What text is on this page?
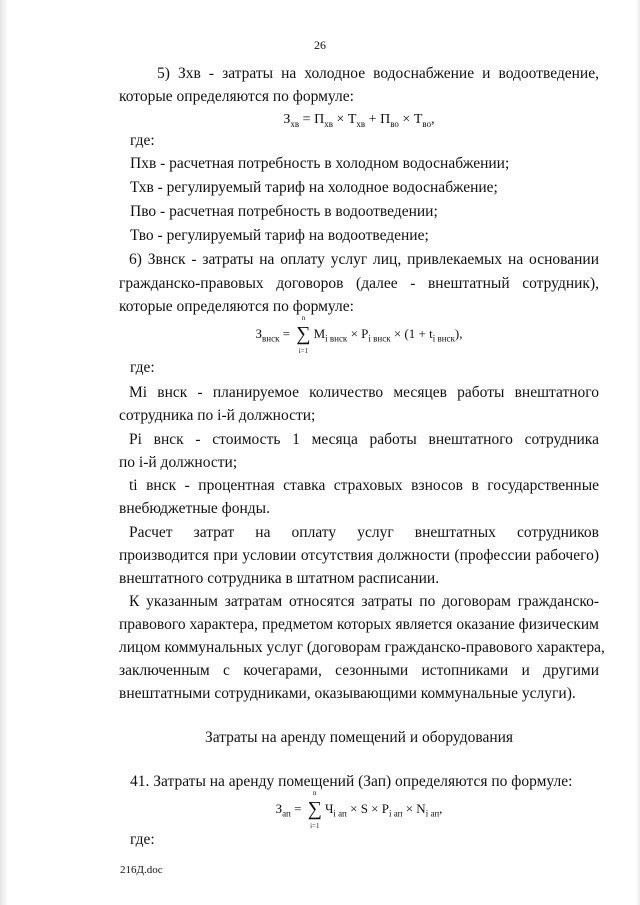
26
5) Зхв - затраты на холодное водоснабжение и водоотведение,
которые определяются по формуле:
$З_{хв} = П_{хв} \times Т_{хв} + П_{во} \times Т_{во}$,
где:
Пхв - расчетная потребность в холодном водоснабжении;
Тхв - регулируемый тариф на холодное водоснабжение;
Пво - расчетная потребность в водоотведении;
Тво - регулируемый тариф на водоотведение;
6) Звнск - затраты на оплату услуг лиц, привлекаемых на основании
гражданско-правовых договоров (далее - внештатный сотрудник),
которые определяются по формуле:
$З_{внск}$ = ∑
n
i=1
$М_{i внск} \times Р_{i внск} \times (1 + t_{i внск})$,
где:
Мi внск - планируемое количество месяцев работы внештатного
сотрудника по i-й должности;
Рi внск - стоимость 1 месяца работы внештатного сотрудника
по i-й должности;
ti внск - процентная ставка страховых взносов в государственные
внебюджетные фонды.
Расчет затрат на оплату услуг внештатных сотрудников
производится при условии отсутствия должности (профессии рабочего)
внештатного сотрудника в штатном расписании.
К указанным затратам относятся затраты по договорам гражданско-
правового характера, предметом которых является оказание физическим
лицом коммунальных услуг (договорам гражданско-правового характера,
заключенным с кочегарами, сезонными истопниками и другими
внештатными сотрудниками, оказывающими коммунальные услуги).
Затраты на аренду помещений и оборудования
41. Затраты на аренду помещений (Зап) определяются по формуле:
$З_{ап}$ = ∑
n
i=1
$Ч_{i ап} \times S \times Р_{i ап} \times N_{i ап}$,
где:
216Д.doc
